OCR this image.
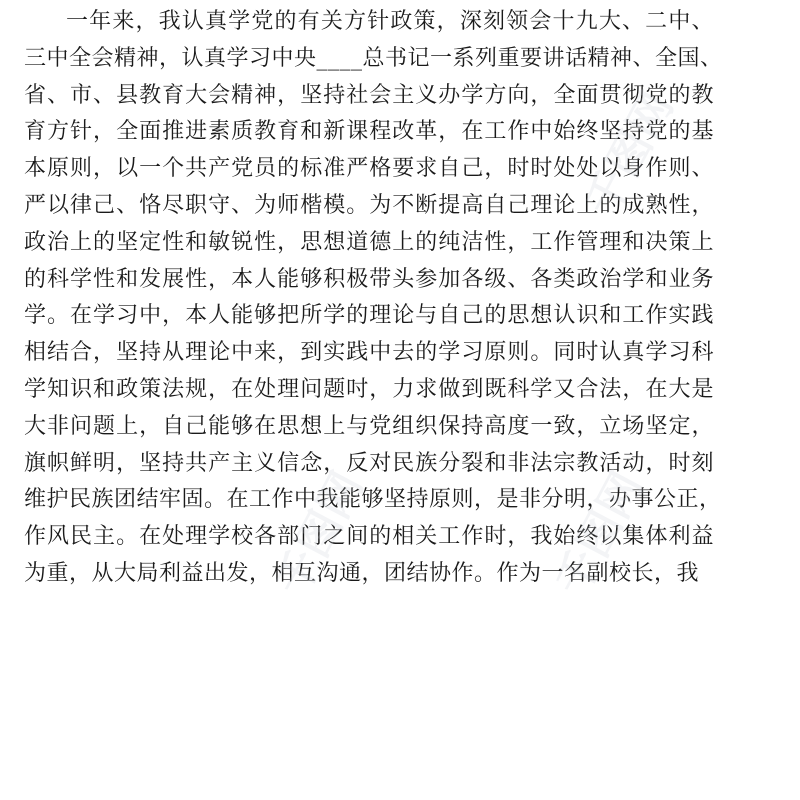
一年来，我认真学党的有关方针政策，深刻领会十九大、二中、
三中全会精神，认真学习中央____总书记一系列重要讲话精神、全国、
省、市、县教育大会精神，坚持社会主义办学方向，全面贯彻党的教
育方针，全面推进素质教育和新课程改革，在工作中始终坚持党的基
本原则，以一个共产党员的标准严格要求自己，时时处处以身作则、
严以律己、恪尽职守、为师楷模。为不断提高自己理论上的成熟性，
政治上的坚定性和敏锐性，思想道德上的纯洁性，工作管理和决策上
的科学性和发展性，本人能够积极带头参加各级、各类政治学和业务
学。在学习中，本人能够把所学的理论与自己的思想认识和工作实践
相结合，坚持从理论中来，到实践中去的学习原则。同时认真学习科
学知识和政策法规，在处理问题吋，力求做到既科学又合法，在大是
大非问题上，自己能够在思想上与党组织保持高度一致，立场坚定，
旗帜鲜明，坚持共产主义信念，反对民族分裂和非法宗教活动，时刻
维护民族团结牢固。在工作中我能够坚持原则，是非分明，办事公正，
作风民主。在处理学校各部门之间的相关工作时，我始终以集体利益
为重，从大局利益出发，相互沟通，团结协作。作为一名副校长，我
千图网
千图网	千图网
